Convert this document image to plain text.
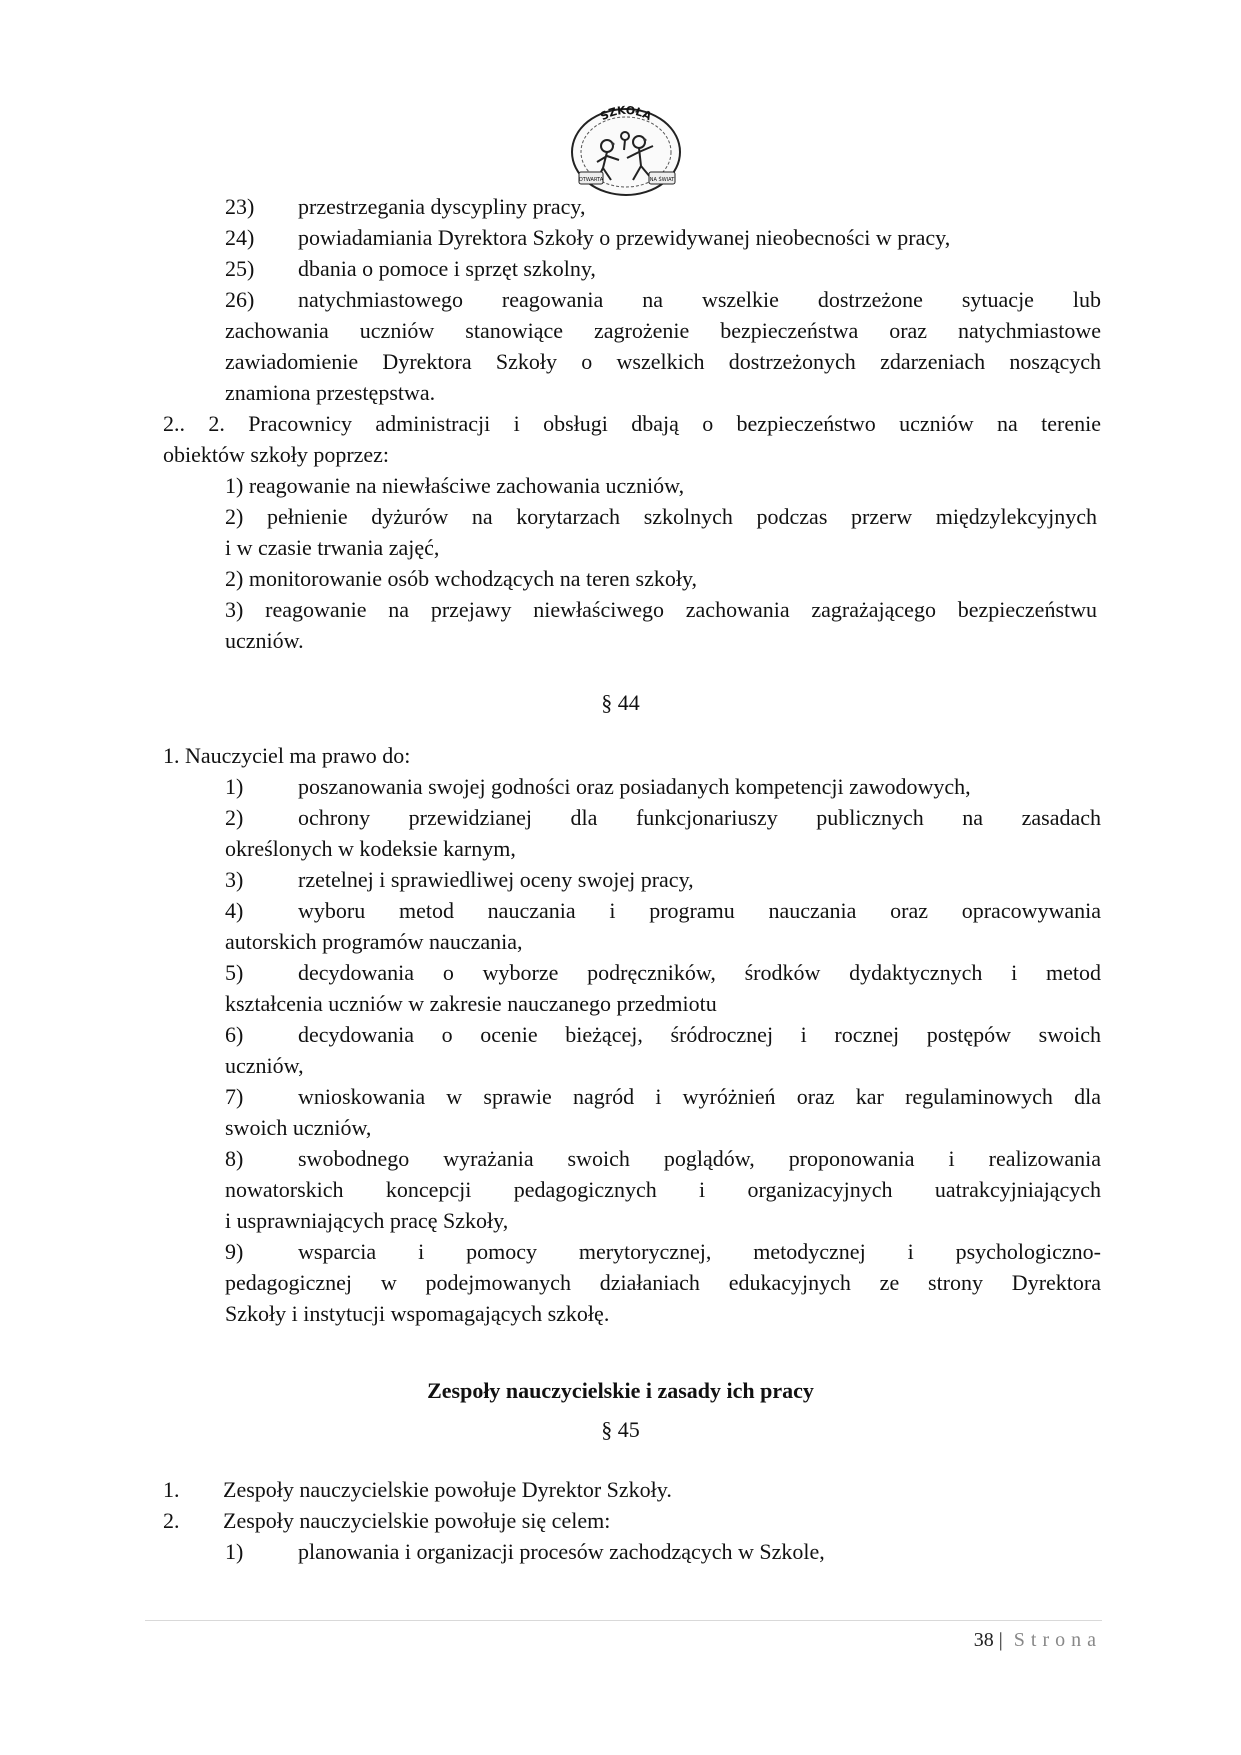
SZKOŁA
OTWARTA	NA ŚWIAT
23) przestrzegania dyscypliny pracy,
24) powiadamiania Dyrektora Szkoły o przewidywanej nieobecności w pracy,
25) dbania o pomoce i sprzęt szkolny,
26) natychmiastowego reagowania na wszelkie dostrzeżone sytuacje lub
zachowania uczniów stanowiące zagrożenie bezpieczeństwa oraz natychmiastowe
zawiadomienie Dyrektora Szkoły o wszelkich dostrzeżonych zdarzeniach noszących
znamiona przestępstwa.
2.. 2. Pracownicy administracji i obsługi dbają o bezpieczeństwo uczniów na terenie
obiektów szkoły poprzez:
1) reagowanie na niewłaściwe zachowania uczniów,
2) pełnienie dyżurów na korytarzach szkolnych podczas przerw międzylekcyjnych
i w czasie trwania zajęć,
2) monitorowanie osób wchodzących na teren szkoły,
3) reagowanie na przejawy niewłaściwego zachowania zagrażającego bezpieczeństwu
uczniów.
§ 44
1. Nauczyciel ma prawo do:
1) poszanowania swojej godności oraz posiadanych kompetencji zawodowych,
2) ochrony przewidzianej dla funkcjonariuszy publicznych na zasadach
określonych w kodeksie karnym,
3) rzetelnej i sprawiedliwej oceny swojej pracy,
4) wyboru metod nauczania i programu nauczania oraz opracowywania
autorskich programów nauczania,
5) decydowania o wyborze podręczników, środków dydaktycznych i metod
kształcenia uczniów w zakresie nauczanego przedmiotu
6) decydowania o ocenie bieżącej, śródrocznej i rocznej postępów swoich
uczniów,
7) wnioskowania w sprawie nagród i wyróżnień oraz kar regulaminowych dla
swoich uczniów,
8) swobodnego wyrażania swoich poglądów, proponowania i realizowania
nowatorskich koncepcji pedagogicznych i organizacyjnych uatrakcyjniających
i usprawniających pracę Szkoły,
9) wsparcia i pomocy merytorycznej, metodycznej i psychologiczno-
pedagogicznej w podejmowanych działaniach edukacyjnych ze strony Dyrektora
Szkoły i instytucji wspomagających szkołę.
Zespoły nauczycielskie i zasady ich pracy
§ 45
1. Zespoły nauczycielskie powołuje Dyrektor Szkoły.
2. Zespoły nauczycielskie powołuje się celem:
1) planowania i organizacji procesów zachodzących w Szkole,
38 | Strona
